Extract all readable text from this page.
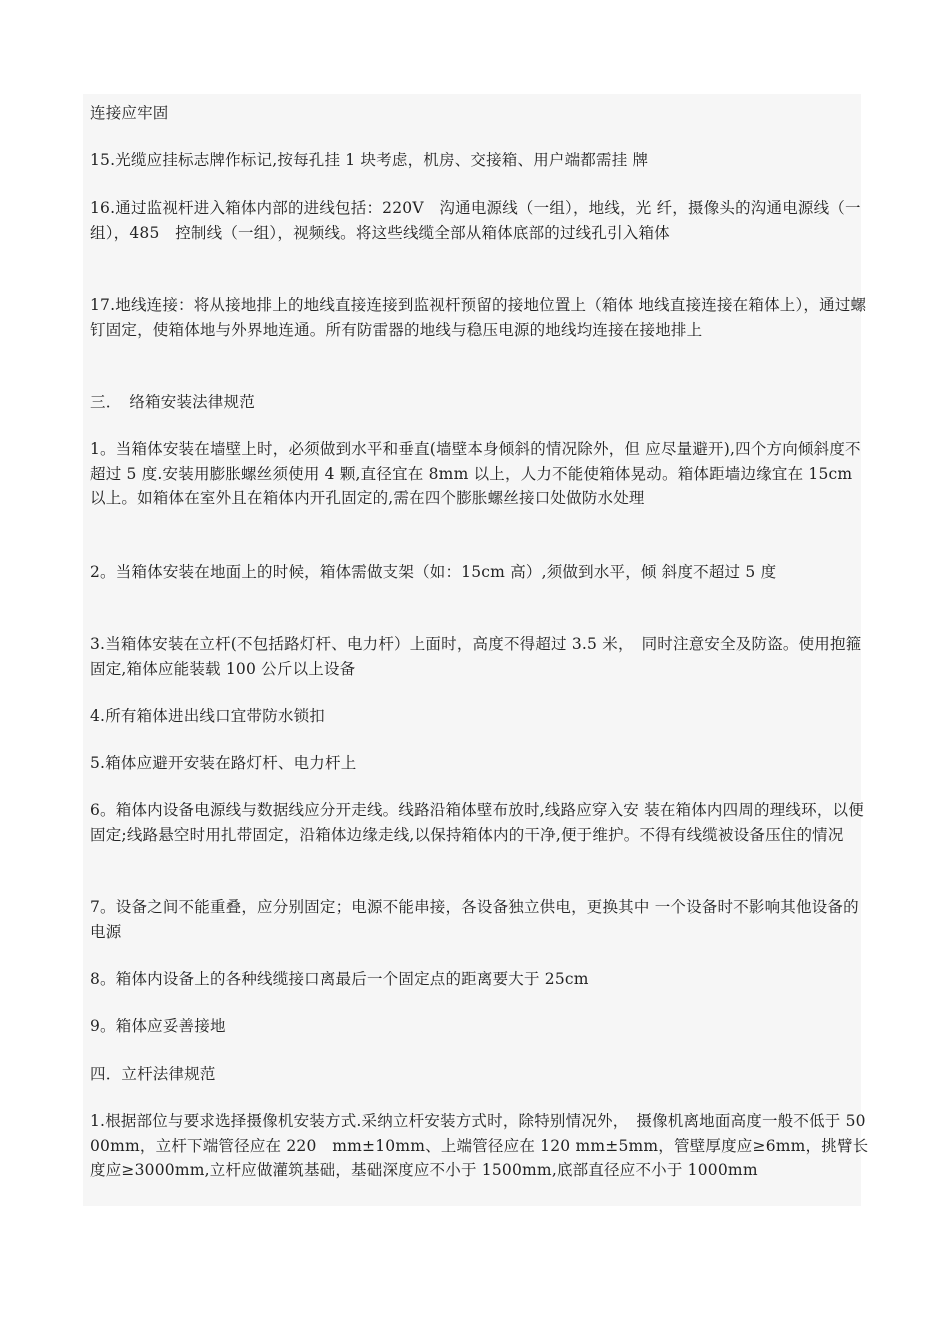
连接应牢固

15.光缆应挂标志牌作标记,按每孔挂 1 块考虑，机房、交接箱、用户端都需挂 牌

16.通过监视杆进入箱体内部的进线包括：220V　沟通电源线（一组），地线，光 纤，摄像头的沟通电源线（一组），485　控制线（一组），视频线。将这些线缆全部从箱体底部的过线孔引入箱体

17.地线连接：将从接地排上的地线直接连接到监视杆预留的接地位置上（箱体 地线直接连接在箱体上），通过螺钉固定，使箱体地与外界地连通。所有防雷器的地线与稳压电源的地线均连接在接地排上

三．　络箱安装法律规范

1。当箱体安装在墙壁上时，必须做到水平和垂直(墙壁本身倾斜的情况除外，但 应尽量避开),四个方向倾斜度不超过 5 度.安装用膨胀螺丝须使用 4 颗,直径宜在 8mm 以上，人力不能使箱体晃动。箱体距墙边缘宜在 15cm 以上。如箱体在室外且在箱体内开孔固定的,需在四个膨胀螺丝接口处做防水处理

2。当箱体安装在地面上的时候，箱体需做支架（如：15cm 高）,须做到水平，倾 斜度不超过 5 度

3.当箱体安装在立杆(不包括路灯杆、电力杆）上面时，高度不得超过 3.5 米，　同时注意安全及防盗。使用抱箍固定,箱体应能装载 100 公斤以上设备

4.所有箱体进出线口宜带防水锁扣

5.箱体应避开安装在路灯杆、电力杆上

6。箱体内设备电源线与数据线应分开走线。线路沿箱体壁布放时,线路应穿入安 装在箱体内四周的理线环，以便固定;线路悬空时用扎带固定，沿箱体边缘走线,以保持箱体内的干净,便于维护。不得有线缆被设备压住的情况

7。设备之间不能重叠，应分别固定；电源不能串接，各设备独立供电，更换其中 一个设备时不影响其他设备的电源

8。箱体内设备上的各种线缆接口离最后一个固定点的距离要大于 25cm

9。箱体应妥善接地

四．立杆法律规范

1.根据部位与要求选择摄像机安装方式.采纳立杆安装方式时，除特别情况外，　摄像机离地面高度一般不低于 5000mm，立杆下端管径应在 220　mm±10mm、上端管径应在 120 mm±5mm，管壁厚度应≥6mm，挑臂长度应≥3000mm,立杆应做灌筑基础，基础深度应不小于 1500mm,底部直径应不小于 1000mm
